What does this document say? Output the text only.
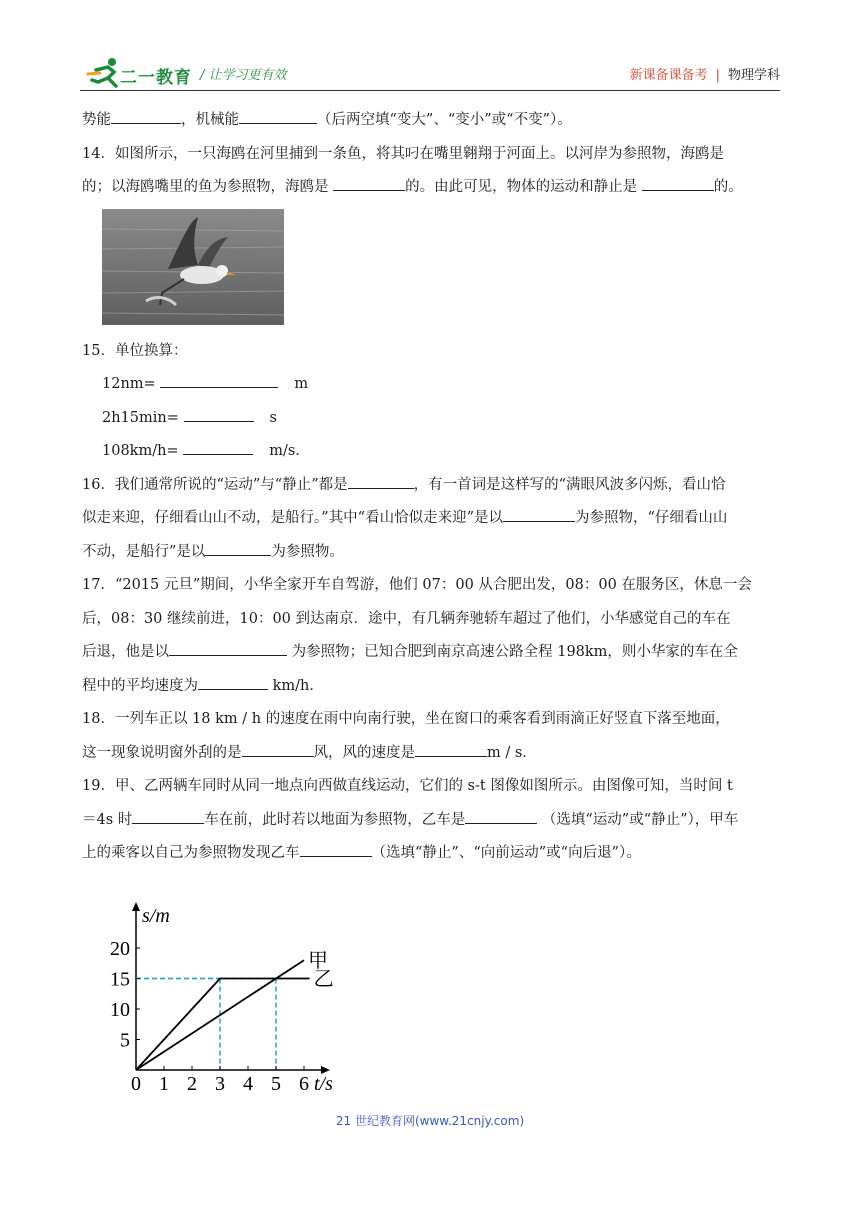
二一教育 / 让学习更有效	新课备课备考 | 物理学科
势能	，机械能	（后两空填“变大”、“变小”或“不变”）。
14．如图所示，一只海鸥在河里捕到一条鱼，将其叼在嘴里翱翔于河面上。以河岸为参照物，海鸥是
的；以海鸥嘴里的鱼为参照物，海鸥是	的。由此可见，物体的运动和静止是	的。
15．单位换算：
12nm=	m
2h15min=	s
108km/h=	m/s.
16．我们通常所说的“运动”与“静止”都是	，有一首词是这样写的“满眼风波多闪烁，看山恰
似走来迎，仔细看山山不动，是船行。”其中“看山恰似走来迎”是以	为参照物，“仔细看山山
不动，是船行”是以	为参照物。
17．“2015 元旦”期间，小华全家开车自驾游，他们 07：00 从合肥出发，08：00 在服务区，休息一会
后，08：30 继续前进，10：00 到达南京．途中，有几辆奔驰轿车超过了他们，小华感觉自己的车在
后退，他是以	为参照物；已知合肥到南京高速公路全程 198km，则小华家的车在全
程中的平均速度为	km/h．
18．一列车正以 18 km / h 的速度在雨中向南行驶，坐在窗口的乘客看到雨滴正好竖直下落至地面，
这一现象说明窗外刮的是	风，风的速度是	m / s．
19．甲、乙两辆车同时从同一地点向西做直线运动，它们的 s-t 图像如图所示。由图像可知，当时间 t
＝4s 时	车在前，此时若以地面为参照物，乙车是	（选填“运动”或“静止”），甲车
上的乘客以自己为参照物发现乙车	（选填“静止”、“向前运动”或“向后退”）。
0 1 2 3 4 5 6
5
10
15
20
s/m
t/s
甲
乙
21 世纪教育网(www.21cnjy.com)
